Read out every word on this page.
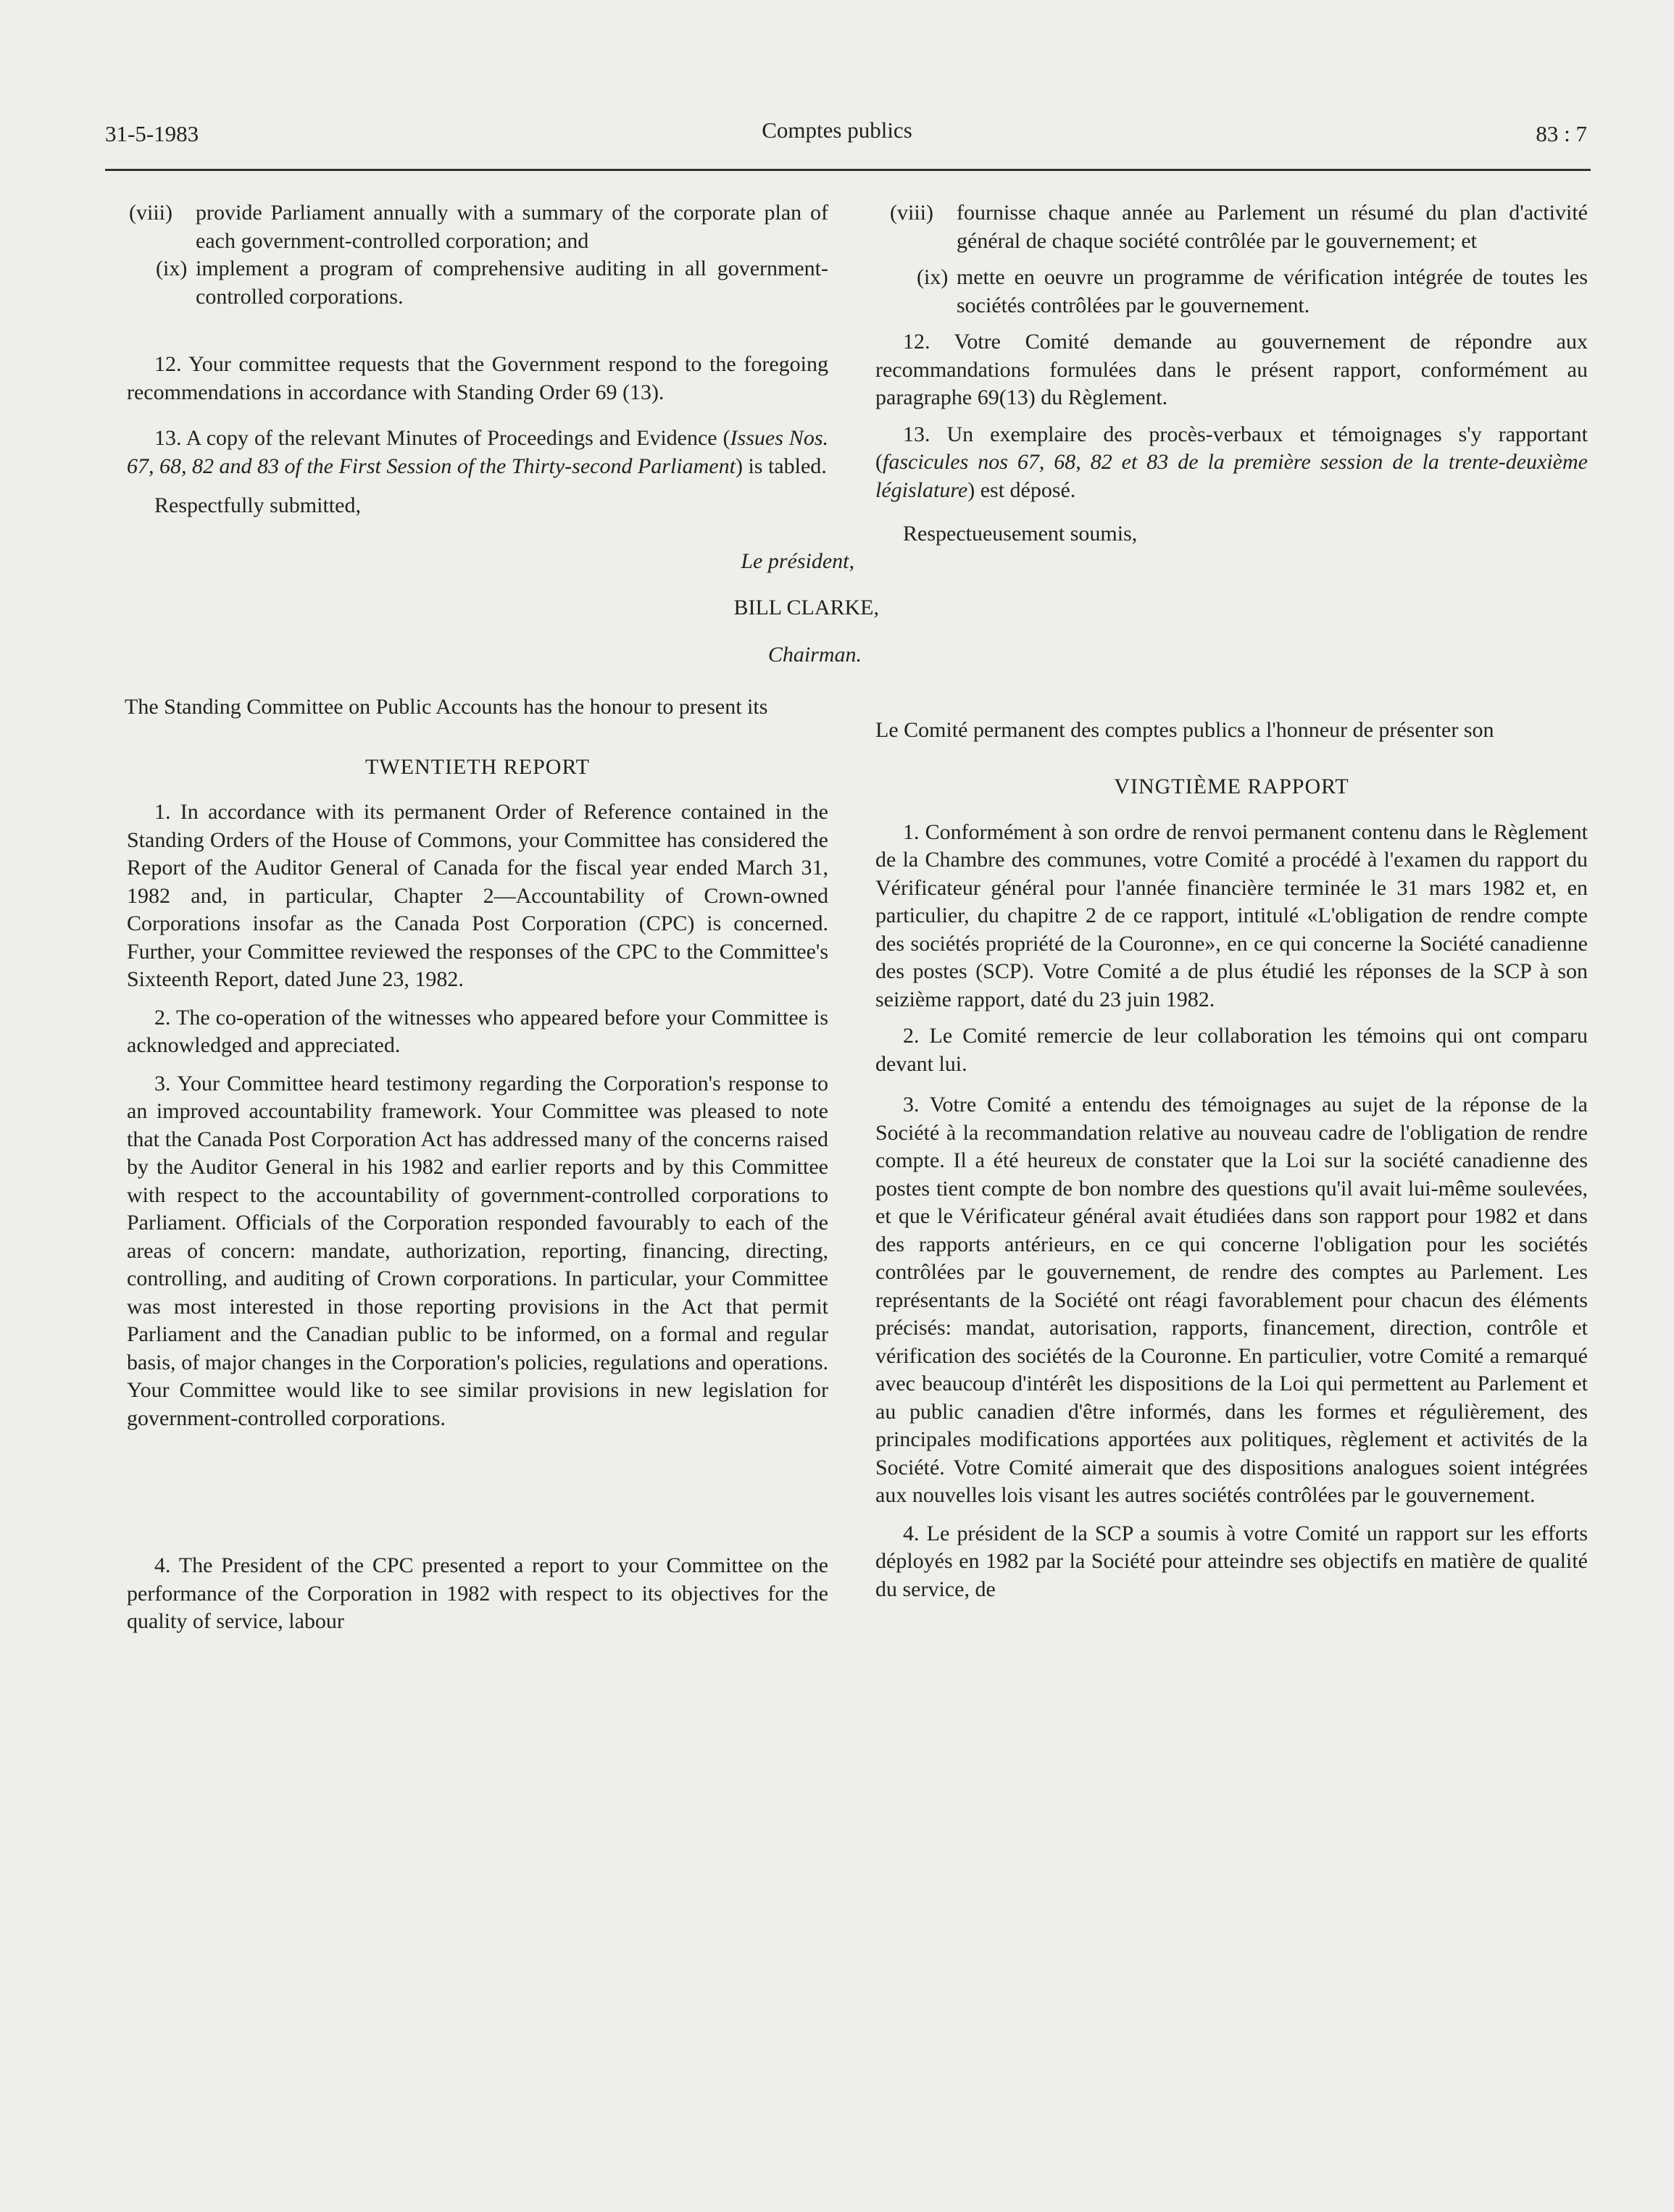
31-5-1983	Comptes publics	83 : 7
(viii)	provide Parliament annually with a summary of the corporate plan of each government-controlled corporation; and
(ix) implement a program of comprehensive auditing in all government-controlled corporations.

12. Your committee requests that the Government respond to the foregoing recommendations in accordance with Standing Order 69 (13).

13. A copy of the relevant Minutes of Proceedings and Evidence (Issues Nos. 67, 68, 82 and 83 of the First Session of the Thirty-second Parliament) is tabled.

Respectfully submitted,

Le président,

BILL CLARKE,

Chairman.

The Standing Committee on Public Accounts has the honour to present its

TWENTIETH REPORT

1. In accordance with its permanent Order of Reference contained in the Standing Orders of the House of Commons, your Committee has considered the Report of the Auditor General of Canada for the fiscal year ended March 31, 1982 and, in particular, Chapter 2—Accountability of Crown-owned Corporations insofar as the Canada Post Corporation (CPC) is concerned. Further, your Committee reviewed the responses of the CPC to the Committee's Sixteenth Report, dated June 23, 1982.

2. The co-operation of the witnesses who appeared before your Committee is acknowledged and appreciated.

3. Your Committee heard testimony regarding the Corporation's response to an improved accountability framework. Your Committee was pleased to note that the Canada Post Corporation Act has addressed many of the concerns raised by the Auditor General in his 1982 and earlier reports and by this Committee with respect to the accountability of government-controlled corporations to Parliament. Officials of the Corporation responded favourably to each of the areas of concern: mandate, authorization, reporting, financing, directing, controlling, and auditing of Crown corporations. In particular, your Committee was most interested in those reporting provisions in the Act that permit Parliament and the Canadian public to be informed, on a formal and regular basis, of major changes in the Corporation's policies, regulations and operations. Your Committee would like to see similar provisions in new legislation for government-controlled corporations.

4. The President of the CPC presented a report to your Committee on the performance of the Corporation in 1982 with respect to its objectives for the quality of service, labour

(viii)	fournisse chaque année au Parlement un résumé du plan d'activité général de chaque société contrôlée par le gouvernement; et
(ix) mette en oeuvre un programme de vérification intégrée de toutes les sociétés contrôlées par le gouvernement.

12. Votre Comité demande au gouvernement de répondre aux recommandations formulées dans le présent rapport, conformément au paragraphe 69(13) du Règlement.

13. Un exemplaire des procès-verbaux et témoignages s'y rapportant (fascicules nos 67, 68, 82 et 83 de la première session de la trente-deuxième législature) est déposé.

Respectueusement soumis,

Le Comité permanent des comptes publics a l'honneur de présenter son

VINGTIÈME RAPPORT

1. Conformément à son ordre de renvoi permanent contenu dans le Règlement de la Chambre des communes, votre Comité a procédé à l'examen du rapport du Vérificateur général pour l'année financière terminée le 31 mars 1982 et, en particulier, du chapitre 2 de ce rapport, intitulé «L'obligation de rendre compte des sociétés propriété de la Couronne», en ce qui concerne la Société canadienne des postes (SCP). Votre Comité a de plus étudié les réponses de la SCP à son seizième rapport, daté du 23 juin 1982.

2. Le Comité remercie de leur collaboration les témoins qui ont comparu devant lui.

3. Votre Comité a entendu des témoignages au sujet de la réponse de la Société à la recommandation relative au nouveau cadre de l'obligation de rendre compte. Il a été heureux de constater que la Loi sur la société canadienne des postes tient compte de bon nombre des questions qu'il avait lui-même soulevées, et que le Vérificateur général avait étudiées dans son rapport pour 1982 et dans des rapports antérieurs, en ce qui concerne l'obligation pour les sociétés contrôlées par le gouvernement, de rendre des comptes au Parlement. Les représentants de la Société ont réagi favorablement pour chacun des éléments précisés: mandat, autorisation, rapports, financement, direction, contrôle et vérification des sociétés de la Couronne. En particulier, votre Comité a remarqué avec beaucoup d'intérêt les dispositions de la Loi qui permettent au Parlement et au public canadien d'être informés, dans les formes et régulièrement, des principales modifications apportées aux politiques, règlement et activités de la Société. Votre Comité aimerait que des dispositions analogues soient intégrées aux nouvelles lois visant les autres sociétés contrôlées par le gouvernement.

4. Le président de la SCP a soumis à votre Comité un rapport sur les efforts déployés en 1982 par la Société pour atteindre ses objectifs en matière de qualité du service, de
